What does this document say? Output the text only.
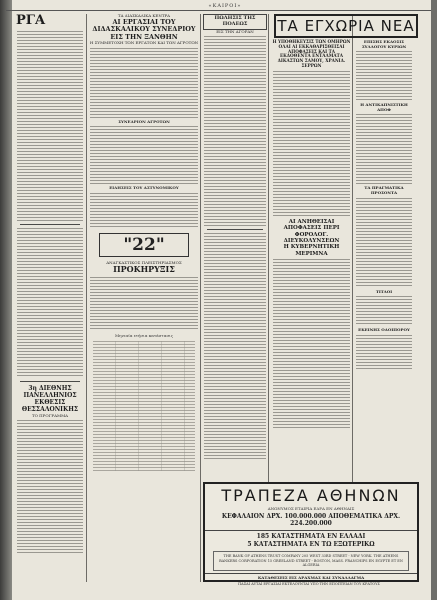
«ΚΑΙΡΟΙ»
ΡΓΑ
3η ΔΙΕΘΝΗΣ ΠΑΝΕΛΛΗΝΙΟΣ ΕΚΘΕΣΙΣ ΘΕΣΣΑΛΟΝΙΚΗΣ
ΤΟ ΠΡΟΓΡΑΜΜΑ
ΤΑ ΔΙΑΣΚΑΛΙΚΑ ΚΕΝΤΡΑ
ΑΙ ΕΡΓΑΣΙΑΙ ΤΟΥ ΔΙΔΑΣΚΑΛΙΚΟΥ ΣΥΝΕΔΡΙΟΥ ΕΙΣ ΤΗΝ ΞΑΝΘΗΝ
Η ΣΥΜΜΕΤΟΧΗ ΤΩΝ ΕΡΓΑΤΩΝ ΚΑΙ ΤΩΝ ΑΓΡΟΤΩΝ
ΣΥΝΕΔΡΙΟΝ ΑΓΡΟΤΩΝ
ΕΙΔΗΣΕΙΣ ΤΟΥ ΑΣΤΥΝΟΜΙΚΟΥ
"22"
ΑΝΑΓΚΑΣΤΙΚΟΣ ΠΛΕΙΣΤΗΡΙΑΣΜΟΣ
ΠΡΟΚΗΡΥΞΙΣ
Μηνιαία ετήσια κατάστασις
ΠΩΛΗΣΙΣ ΤΗΣ ΠΟΛΕΩΣ
ΕΙΣ ΤΗΝ ΑΓΟΡΑΝ	ΤΑ ΕΓΧΩΡΙΑ ΝΕΑ
Η ΥΠΟΘΗΚΕΥΣΙΣ ΤΩΝ ΟΜΗΡΩΝ ΟΛΑΙ ΑΙ ΕΚΚΑΘΑΡΙΣΘΕΙΣΑΙ ΑΠΟΦΑΣΕΙΣ ΚΑΙ ΤΑ ΕΚΔΟΘΕΝΤΑ ΕΝΤΑΛΜΑΤΑ ΔΙΚΑΣΤΩΝ ΣΑΜΟΥ, ΧΡΑΝΙΔ. ΣΕΡΡΩΝ
ΑΙ ΑΝΗΘΕΙΣΑΙ ΑΠΟΦΑΣΕΙΣ ΠΕΡΙ ΦΟΡΟΛΟΓ. ΔΙΕΥΚΟΛΥΝΣΕΩΝ
Η ΚΥΒΕΡΝΗΤΙΚΗ ΜΕΡΙΜΝΑ
ΕΠΙΣΗΣ ΕΚΔΟΣΙΣ ΣΥΛΛΟΓΟΥ ΚΥΡΙΩΝ
Η ΑΝΤΙΚΑΠΝΙΣΤΙΚΗ ΑΠΟΦ
ΤΑ ΠΡΑΓΜΑΤΙΚΑ ΠΡΟΣΟΝΤΑ
ΤΙΤΛΟΙ
ΕΚΕΙΝΗΣ ΟΔΟΙΠΟΡΟΥ
ΤΡΑΠΕΖΑ ΑΘΗΝΩΝ
ΑΝΩΝΥΜΟΣ ΕΤΑΙΡΙΑ ΕΔΡΑ ΕΝ ΑΘΗΝΑΙΣ
ΚΕΦΑΛΑΙΟΝ ΔΡΧ. 100.000.000 ΑΠΟΘΕΜΑΤΙΚΑ ΔΡΧ. 224.200.000
185 ΚΑΤΑΣΤΗΜΑΤΑ ΕΝ ΕΛΛΑΔΙ
5 ΚΑΤΑΣΤΗΜΑΤΑ ΕΝ ΤΩ ΕΞΩΤΕΡΙΚΩ
THE BANK OF ATHENS TRUST COMPANY 205 WEST 33RD STREET - NEW YORK. THE ATHENS BANKERS CORPORATION 15 GREELAND STREET - BOSTON, MASS. FRANCHIPS EN EGYPTE ET EN ALGERIA
ΚΑΤΑΘΕΣΕΙΣ ΕΙΣ ΔΡΑΧΜΑΣ ΚΑΙ ΣΥΝΑΛΛΑΓΜΑ
ΠΑΣΑΙ ΑΥΤΑΙ ΕΡΓΑΣΙΑΙ ΕΚΤΕΛΟΥΝΤΑΙ ΥΠΟ ΤΗΝ ΕΠΟΠΤΕΙΑΝ ΤΟΥ ΚΡΑΤΟΥΣ
